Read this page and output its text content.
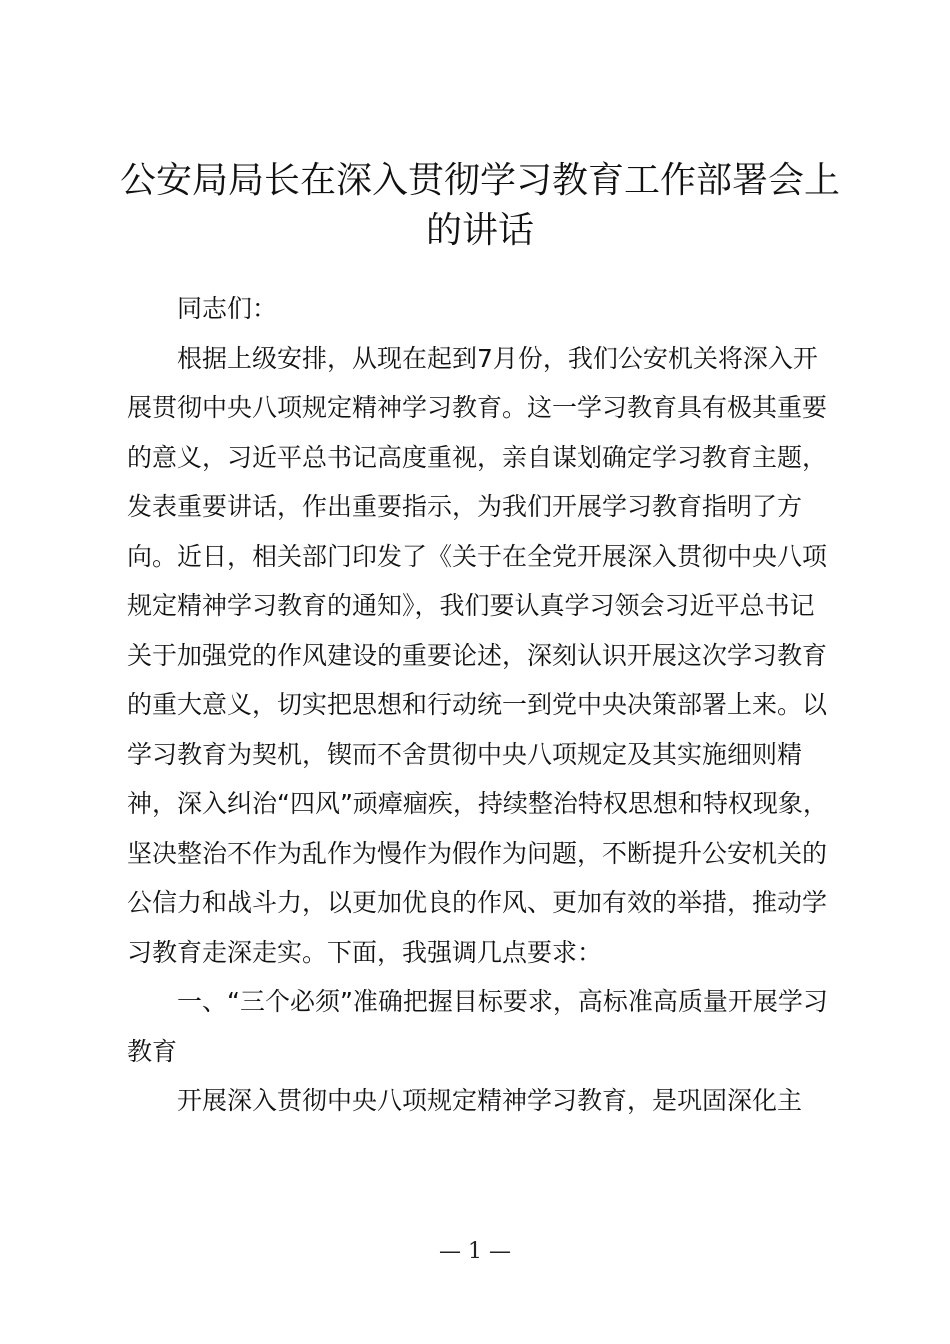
公安局局长在深入贯彻学习教育工作部署会上的讲话

同志们：

根据上级安排，从现在起到7月份，我们公安机关将深入开展贯彻中央八项规定精神学习教育。这一学习教育具有极其重要的意义，习近平总书记高度重视，亲自谋划确定学习教育主题，发表重要讲话，作出重要指示，为我们开展学习教育指明了方向。近日，相关部门印发了《关于在全党开展深入贯彻中央八项规定精神学习教育的通知》，我们要认真学习领会习近平总书记关于加强党的作风建设的重要论述，深刻认识开展这次学习教育的重大意义，切实把思想和行动统一到党中央决策部署上来。以学习教育为契机，锲而不舍贯彻中央八项规定及其实施细则精神，深入纠治“四风”顽瘴痼疾，持续整治特权思想和特权现象，坚决整治不作为乱作为慢作为假作为问题，不断提升公安机关的公信力和战斗力，以更加优良的作风、更加有效的举措，推动学习教育走深走实。下面，我强调几点要求：

一、“三个必须”准确把握目标要求，高标准高质量开展学习教育

开展深入贯彻中央八项规定精神学习教育，是巩固深化主

— 1 —
